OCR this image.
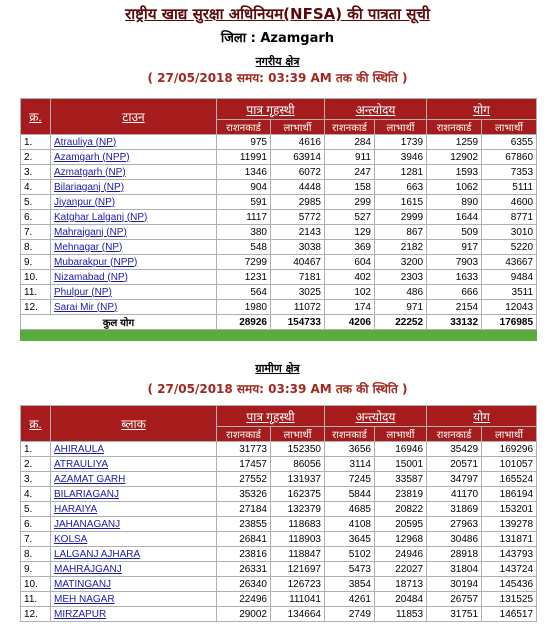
राष्ट्रीय खाद्य सुरक्षा अधिनियम(NFSA) की पात्रता सूची
जिला : Azamgarh
नगरीय क्षेत्र
( 27/05/2018 समय: 03:39 AM तक की स्थिति )
क्र.	टाउन	पात्र गृहस्थी		अन्त्योदय		योग	
		राशनकार्ड	लाभार्थी	राशनकार्ड	लाभार्थी	राशनकार्ड	लाभार्थी
1.	Atrauliya (NP)	975	4616	284	1739	1259	6355
2.	Azamgarh (NPP)	11991	63914	911	3946	12902	67860
3.	Azmatgarh (NP)	1346	6072	247	1281	1593	7353
4.	Bilariaganj (NP)	904	4448	158	663	1062	5111
5.	Jiyanpur (NP)	591	2985	299	1615	890	4600
6.	Katghar Lalganj (NP)	1117	5772	527	2999	1644	8771
7.	Mahrajganj (NP)	380	2143	129	867	509	3010
8.	Mehnagar (NP)	548	3038	369	2182	917	5220
9.	Mubarakpur (NPP)	7299	40467	604	3200	7903	43667
10.	Nizamabad (NP)	1231	7181	402	2303	1633	9484
11.	Phulpur (NP)	564	3025	102	486	666	3511
12.	Sarai Mir (NP)	1980	11072	174	971	2154	12043
कुल योग		28926	154733	4206	22252	33132	176985

ग्रामीण क्षेत्र
( 27/05/2018 समय: 03:39 AM तक की स्थिति )
क्र.	ब्लाक	पात्र गृहस्थी		अन्त्योदय		योग	
		राशनकार्ड	लाभार्थी	राशनकार्ड	लाभार्थी	राशनकार्ड	लाभार्थी
1.	AHIRAULA	31773	152350	3656	16946	35429	169296
2.	ATRAULIYA	17457	86056	3114	15001	20571	101057
3.	AZAMAT GARH	27552	131937	7245	33587	34797	165524
4.	BILARIAGANJ	35326	162375	5844	23819	41170	186194
5.	HARAIYA	27184	132379	4685	20822	31869	153201
6.	JAHANAGANJ	23855	118683	4108	20595	27963	139278
7.	KOLSA	26841	118903	3645	12968	30486	131871
8.	LALGANJ AJHARA	23816	118847	5102	24946	28918	143793
9.	MAHRAJGANJ	26331	121697	5473	22027	31804	143724
10.	MATINGANJ	26340	126723	3854	18713	30194	145436
11.	MEH NAGAR	22496	111041	4261	20484	26757	131525
12.	MIRZAPUR	29002	134664	2749	11853	31751	146517
